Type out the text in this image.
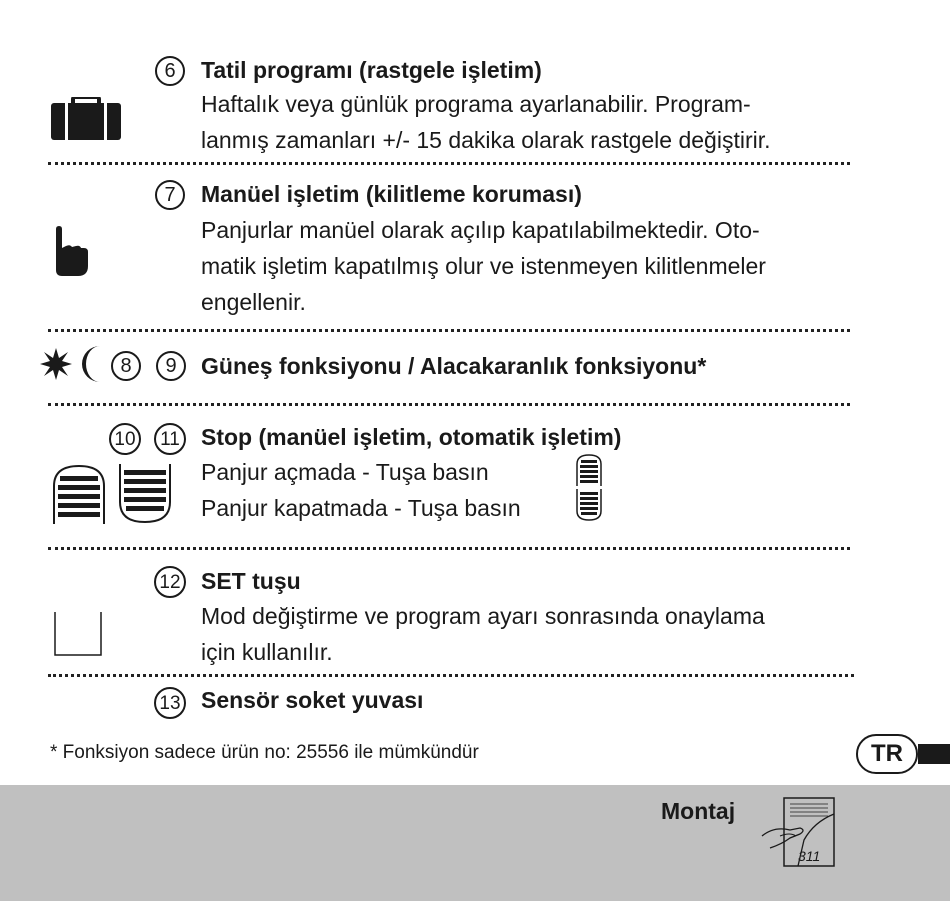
6	Tatil programı (rastgele işletim)
Haftalık veya günlük programa ayarlanabilir. Program-
lanmış zamanları +/- 15 dakika olarak rastgele değiştirir.
7	Manüel işletim (kilitleme koruması)
Panjurlar manüel olarak açılıp kapatılabilmektedir. Oto-
matik işletim kapatılmış olur ve istenmeyen kilitlenmeler
engellenir.
8	9	Güneş fonksiyonu / Alacakaranlık fonksiyonu*
10	11 Stop (manüel işletim, otomatik işletim)
Panjur açmada - Tuşa basın
Panjur kapatmada - Tuşa basın
12 SET tuşu
Mod değiştirme ve program ayarı sonrasında onaylama
için kullanılır.
13 Sensör soket yuvası
* Fonksiyon sadece ürün no: 25556 ile mümkündür	TR
Montaj
311
